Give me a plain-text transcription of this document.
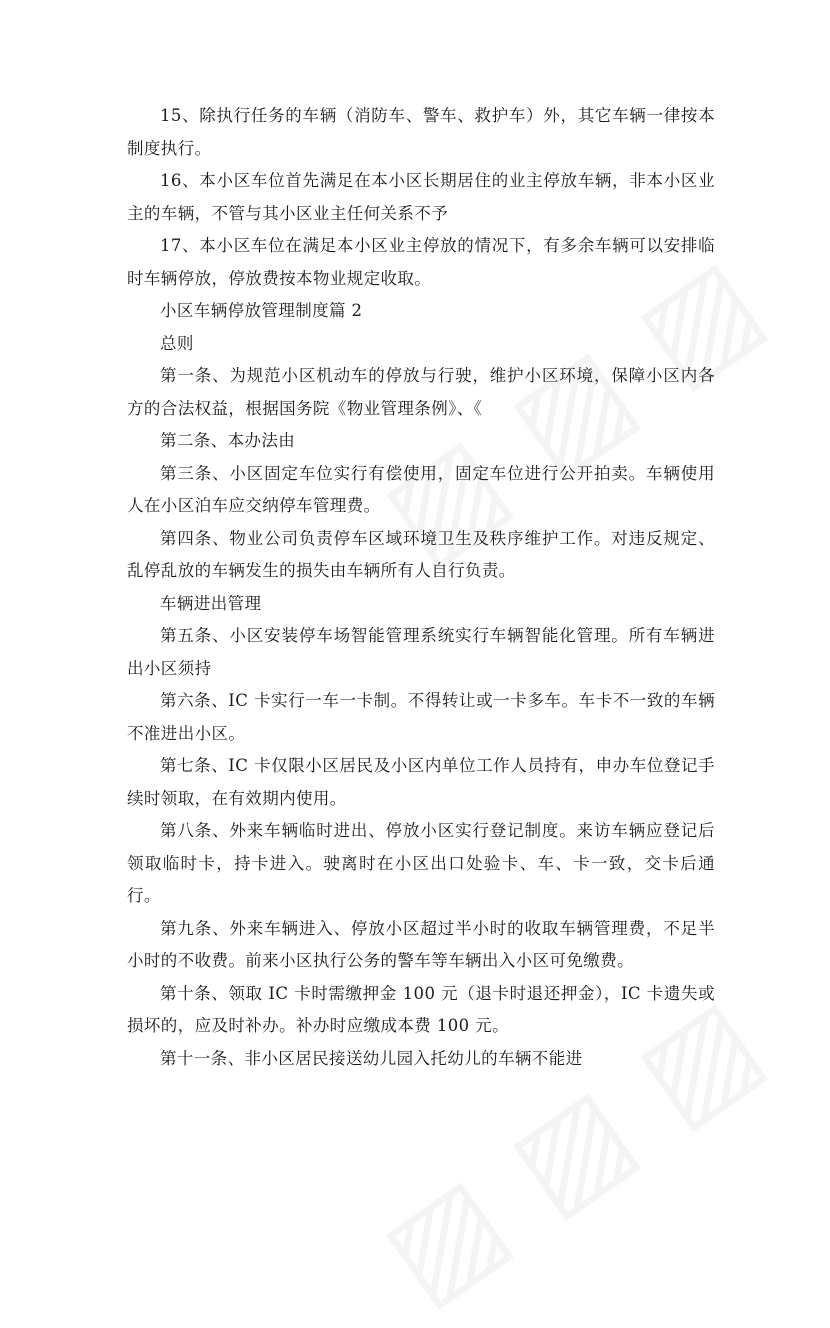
15、除执行任务的车辆（消防车、警车、救护车）外，其它车辆一律按本制度执行。

16、本小区车位首先满足在本小区长期居住的业主停放车辆，非本小区业主的车辆，不管与其小区业主任何关系不予

17、本小区车位在满足本小区业主停放的情况下，有多余车辆可以安排临时车辆停放，停放费按本物业规定收取。

小区车辆停放管理制度篇 2

总则

第一条、为规范小区机动车的停放与行驶，维护小区环境，保障小区内各方的合法权益，根据国务院《物业管理条例》、《

第二条、本办法由

第三条、小区固定车位实行有偿使用，固定车位进行公开拍卖。车辆使用人在小区泊车应交纳停车管理费。

第四条、物业公司负责停车区域环境卫生及秩序维护工作。对违反规定、乱停乱放的车辆发生的损失由车辆所有人自行负责。

车辆进出管理

第五条、小区安装停车场智能管理系统实行车辆智能化管理。所有车辆进出小区须持

第六条、IC 卡实行一车一卡制。不得转让或一卡多车。车卡不一致的车辆不准进出小区。

第七条、IC 卡仅限小区居民及小区内单位工作人员持有，申办车位登记手续时领取，在有效期内使用。

第八条、外来车辆临时进出、停放小区实行登记制度。来访车辆应登记后领取临时卡，持卡进入。驶离时在小区出口处验卡、车、卡一致，交卡后通行。

第九条、外来车辆进入、停放小区超过半小时的收取车辆管理费，不足半小时的不收费。前来小区执行公务的警车等车辆出入小区可免缴费。

第十条、领取 IC 卡时需缴押金 100 元（退卡时退还押金），IC 卡遗失或损坏的，应及时补办。补办时应缴成本费 100 元。

第十一条、非小区居民接送幼儿园入托幼儿的车辆不能进
